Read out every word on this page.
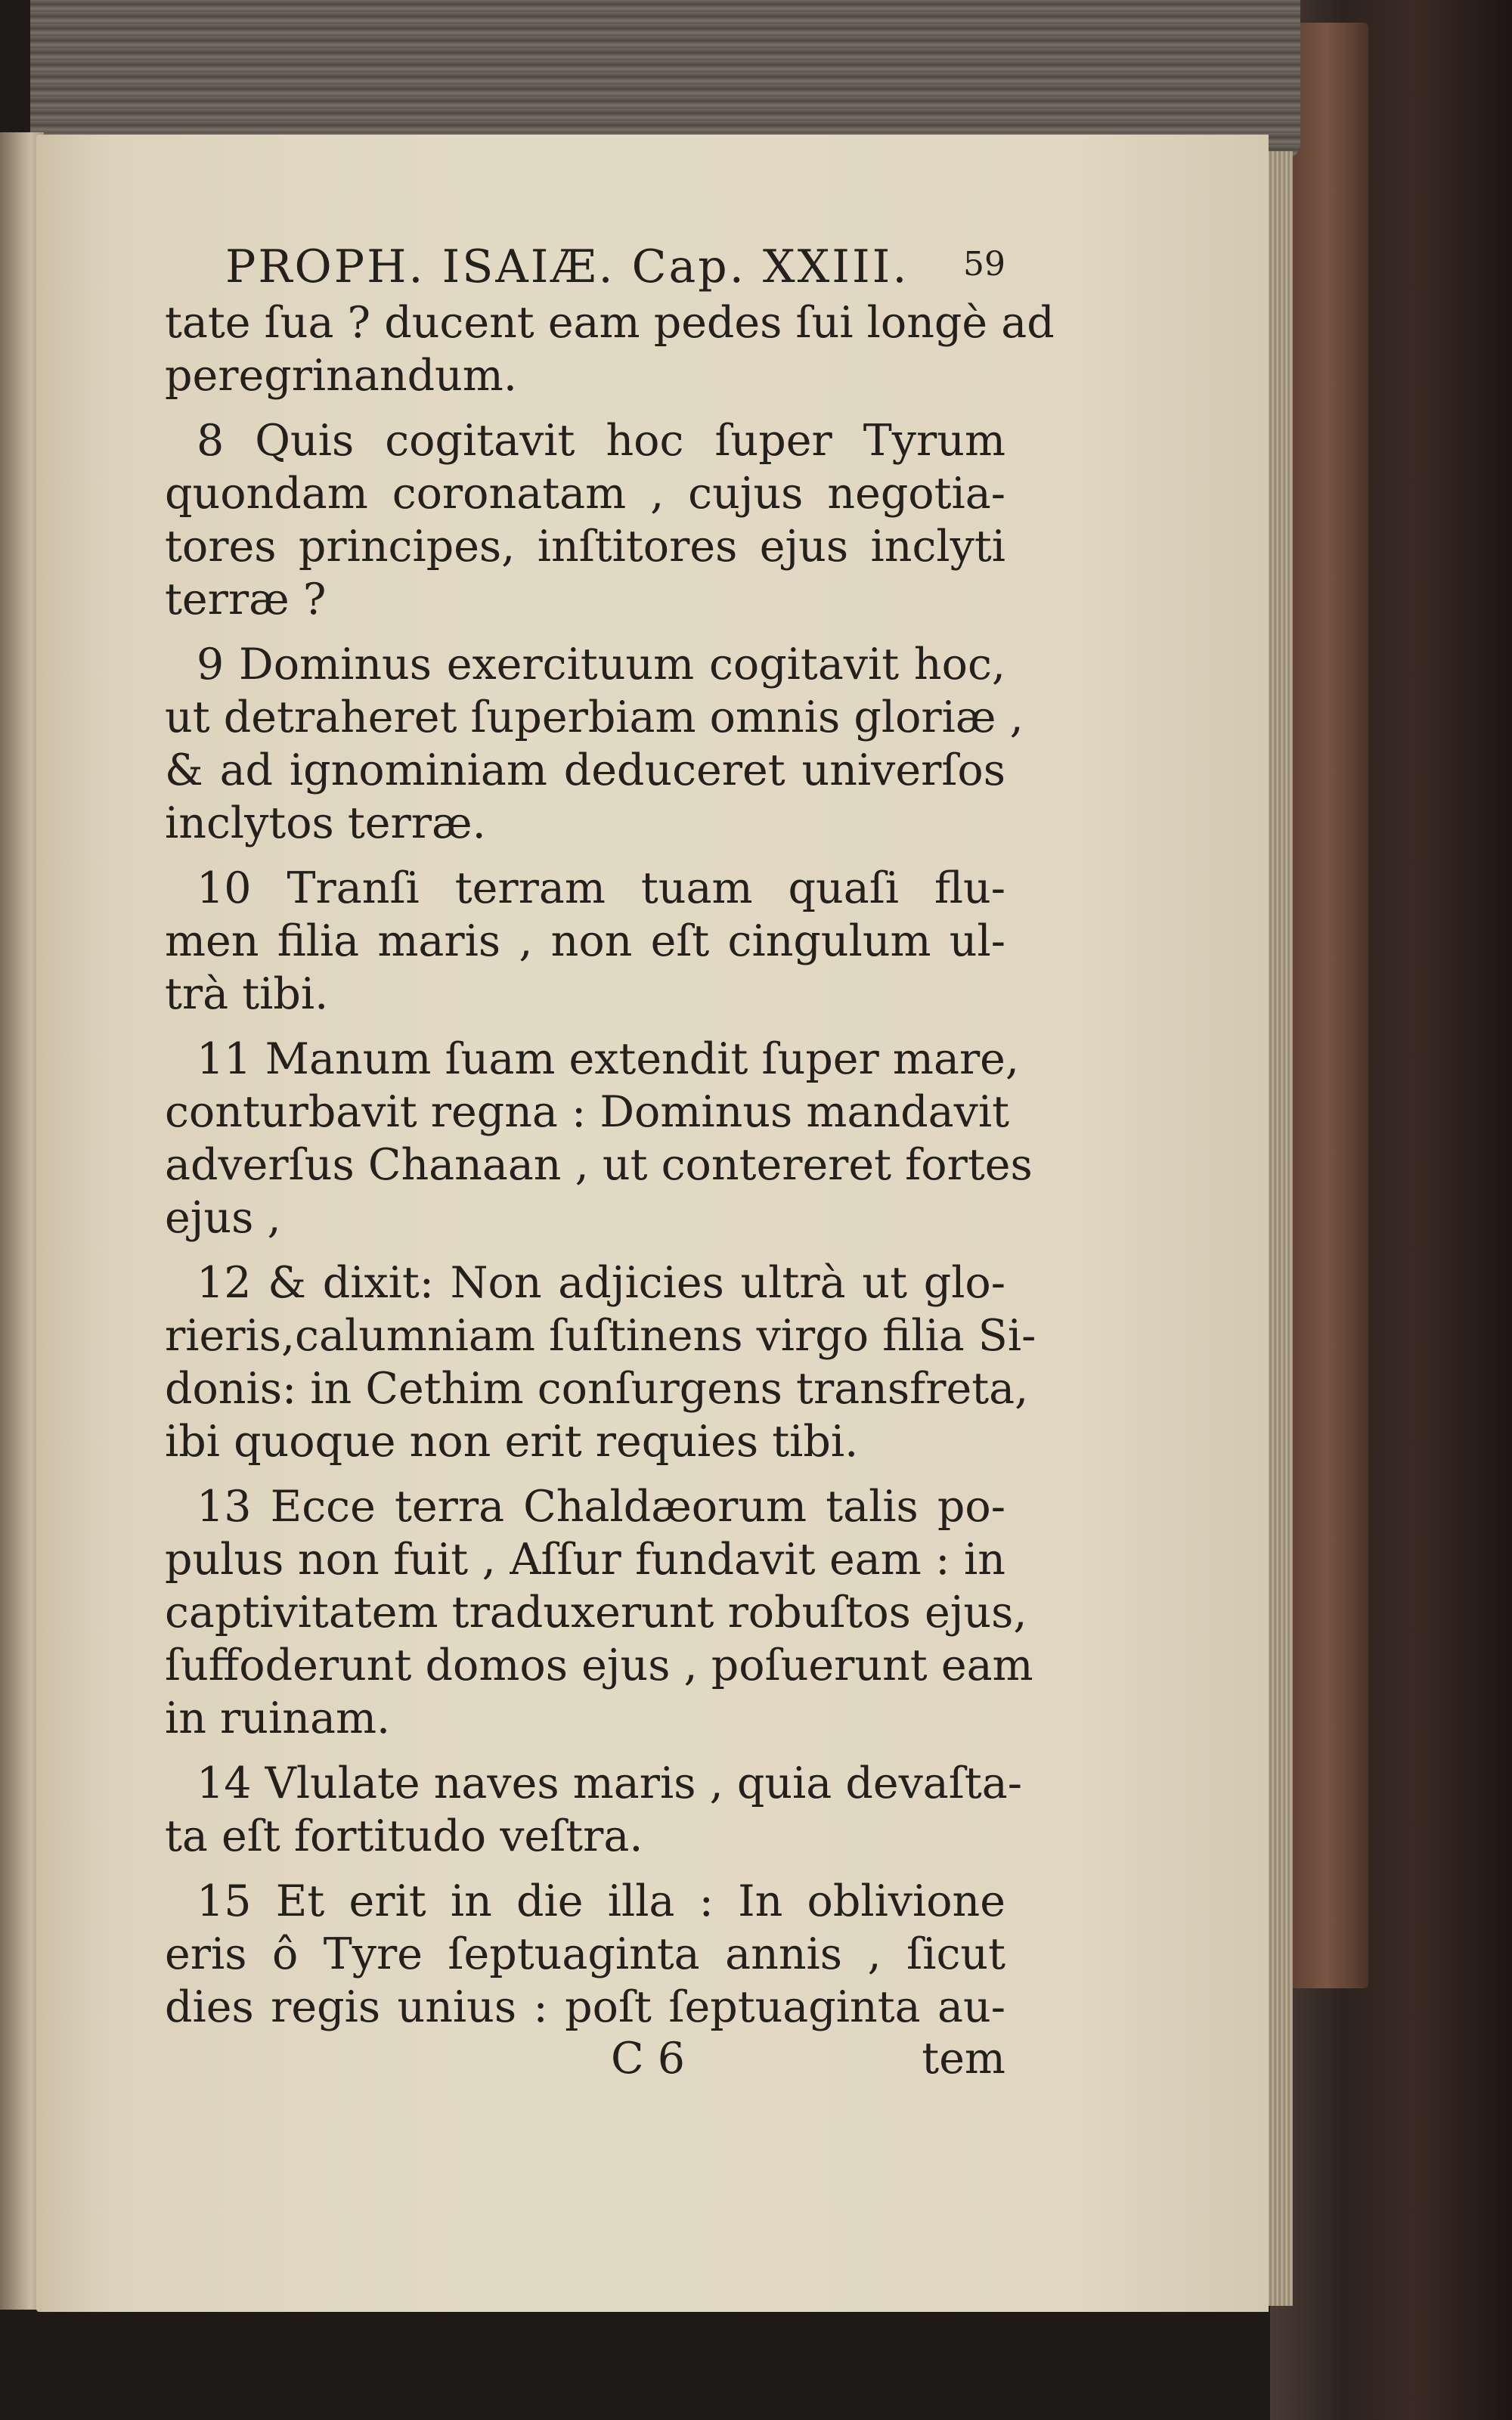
PROPH. ISAIÆ. Cap. XXIII. 59
tate ſua ? ducent eam pedes ſui longè ad
peregrinandum.
8 Quis cogitavit hoc ſuper Tyrum
quondam coronatam , cujus negotia-
tores principes, inſtitores ejus inclyti
terræ ?
9 Dominus exercituum cogitavit hoc,
ut detraheret ſuperbiam omnis gloriæ ,
& ad ignominiam deduceret univerſos
inclytos terræ.
10 Tranſi terram tuam quaſi flu-
men filia maris , non eſt cingulum ul-
trà tibi.
11 Manum ſuam extendit ſuper mare,
conturbavit regna : Dominus mandavit
adverſus Chanaan , ut contereret fortes
ejus ,
12 & dixit: Non adjicies ultrà ut glo-
rieris,calumniam ſuſtinens virgo filia Si-
donis: in Cethim conſurgens transfreta,
ibi quoque non erit requies tibi.
13 Ecce terra Chaldæorum talis po-
pulus non fuit , Aſſur fundavit eam : in
captivitatem traduxerunt robuſtos ejus,
ſuffoderunt domos ejus , poſuerunt eam
in ruinam.
14 Vlulate naves maris , quia devaſta-
ta eſt fortitudo veſtra.
15 Et erit in die illa : In oblivione
eris ô Tyre ſeptuaginta annis , ſicut
dies regis unius : poſt ſeptuaginta au-
C 6	tem
